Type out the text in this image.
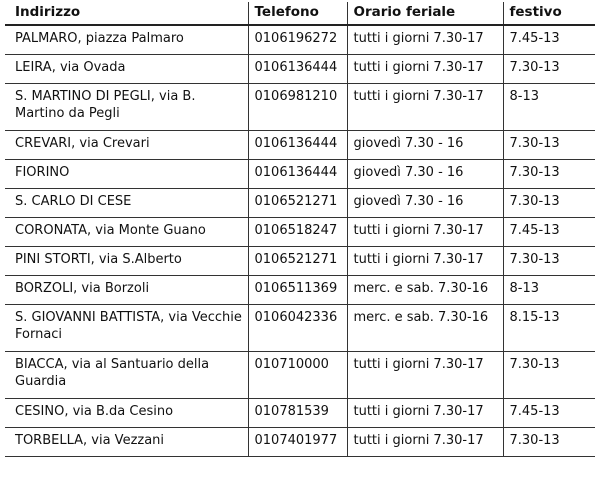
Indirizzo	Telefono	Orario feriale	festivo
PALMARO, piazza Palmaro	0106196272	tutti i giorni 7.30-17	7.45-13
LEIRA, via Ovada	0106136444	tutti i giorni 7.30-17	7.30-13
S. MARTINO DI PEGLI, via B. Martino da Pegli	0106981210	tutti i giorni 7.30-17	8-13
CREVARI, via Crevari	0106136444	giovedì 7.30 - 16	7.30-13
FIORINO	0106136444	giovedì 7.30 - 16	7.30-13
S. CARLO DI CESE	0106521271	giovedì 7.30 - 16	7.30-13
CORONATA, via Monte Guano	0106518247	tutti i giorni 7.30-17	7.45-13
PINI STORTI, via S.Alberto	0106521271	tutti i giorni 7.30-17	7.30-13
BORZOLI, via Borzoli	0106511369	merc. e sab. 7.30-16	8-13
S. GIOVANNI BATTISTA, via Vecchie Fornaci	0106042336	merc. e sab. 7.30-16	8.15-13
BIACCA, via al Santuario della Guardia	010710000	tutti i giorni 7.30-17	7.30-13
CESINO, via B.da Cesino	010781539	tutti i giorni 7.30-17	7.45-13
TORBELLA, via Vezzani	0107401977	tutti i giorni 7.30-17	7.30-13
